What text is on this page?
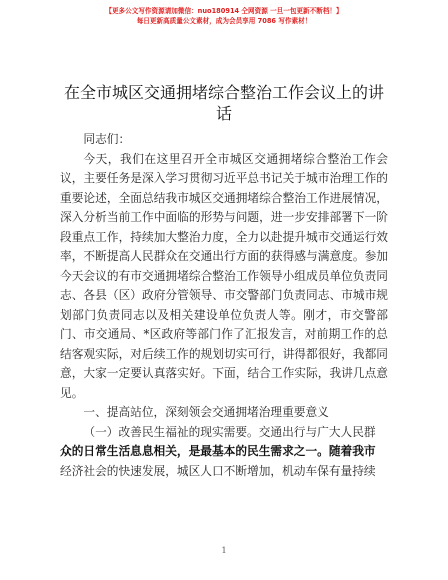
【更多公文写作资源请加微信：nuo180914 仝网资源 一旦一包更新不断档！】
每日更新高质量公文素材，成为会员享用 7086 写作素材！
在全市城区交通拥堵综合整治工作会议上的讲话

同志们：

今天，我们在这里召开全市城区交通拥堵综合整治工作会议，主要任务是深入学习贯彻习近平总书记关于城市治理工作的重要论述，全面总结我市城区交通拥堵综合整治工作进展情况，深入分析当前工作中面临的形势与问题，进一步安排部署下一阶段重点工作，持续加大整治力度，全力以赴提升城市交通运行效率，不断提高人民群众在交通出行方面的获得感与满意度。参加今天会议的有市交通拥堵综合整治工作领导小组成员单位负责同志、各县（区）政府分管领导、市交警部门负责同志、市城市规划部门负责同志以及相关建设单位负责人等。刚才，市交警部门、市交通局、*区政府等部门作了汇报发言，对前期工作的总结客观实际，对后续工作的规划切实可行，讲得都很好，我都同意，大家一定要认真落实好。下面，结合工作实际，我讲几点意见。

一、提高站位，深刻领会交通拥堵治理重要意义

（一）改善民生福祉的现实需要。交通出行与广大人民群

众的日常生活息息相关，是最基本的民生需求之一。随着我市

经济社会的快速发展，城区人口不断增加，机动车保有量持续

1
